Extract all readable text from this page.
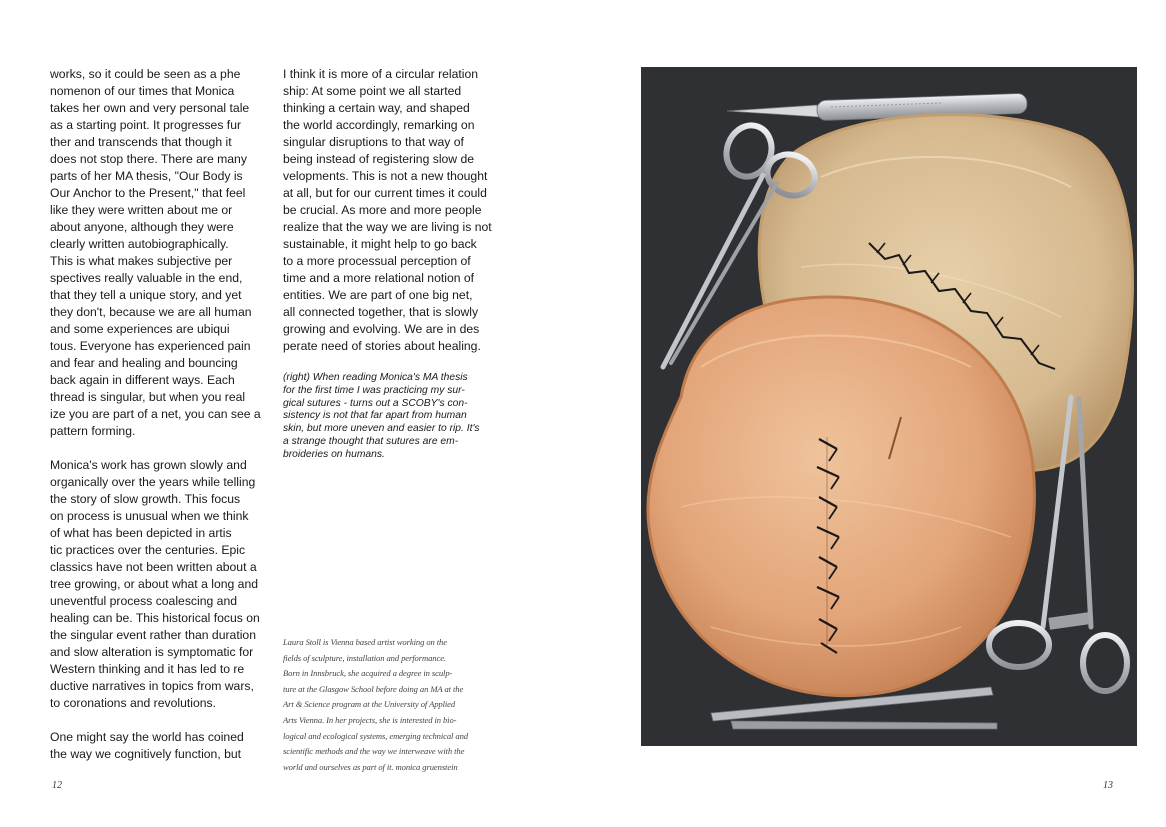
works, so it could be seen as a phe
nomenon of our times that Monica
takes her own and very personal tale
as a starting point. It progresses fur
ther and transcends that though it
does not stop there. There are many
parts of her MA thesis, "Our Body is
Our Anchor to the Present," that feel
like they were written about me or
about anyone, although they were
clearly written autobiographically.
This is what makes subjective per
spectives really valuable in the end,
that they tell a unique story, and yet
they don't, because we are all human
and some experiences are ubiqui
tous. Everyone has experienced pain
and fear and healing and bouncing
back again in different ways. Each
thread is singular, but when you real
ize you are part of a net, you can see a
pattern forming.

Monica's work has grown slowly and
organically over the years while telling
the story of slow growth. This focus
on process is unusual when we think
of what has been depicted in artis
tic practices over the centuries. Epic
classics have not been written about a
tree growing, or about what a long and
uneventful process coalescing and
healing can be. This historical focus on
the singular event rather than duration
and slow alteration is symptomatic for
Western thinking and it has led to re
ductive narratives in topics from wars,
to coronations and revolutions.

One might say the world has coined
the way we cognitively function, but

I think it is more of a circular relation
ship: At some point we all started
thinking a certain way, and shaped
the world accordingly, remarking on
singular disruptions to that way of
being instead of registering slow de
velopments. This is not a new thought
at all, but for our current times it could
be crucial. As more and more people
realize that the way we are living is not
sustainable, it might help to go back
to a more processual perception of
time and a more relational notion of
entities. We are part of one big net,
all connected together, that is slowly
growing and evolving. We are in des
perate need of stories about healing.

(right) When reading Monica's MA thesis
for the first time I was practicing my sur-
gical sutures - turns out a SCOBY's con-
sistency is not that far apart from human
skin, but more uneven and easier to rip. It's
a strange thought that sutures are em-
broideries on humans.
Laura Stoll is Vienna based artist working on the
fields of sculpture, installation and performance.
Born in Innsbruck, she acquired a degree in sculp-
ture at the Glasgow School before doing an MA at the
Art & Science program at the University of Applied
Arts Vienna. In her projects, she is interested in bio-
logical and ecological systems, emerging technical and
scientific methods and the way we interweave with the
world and ourselves as part of it. monica gruenstein
12	13
